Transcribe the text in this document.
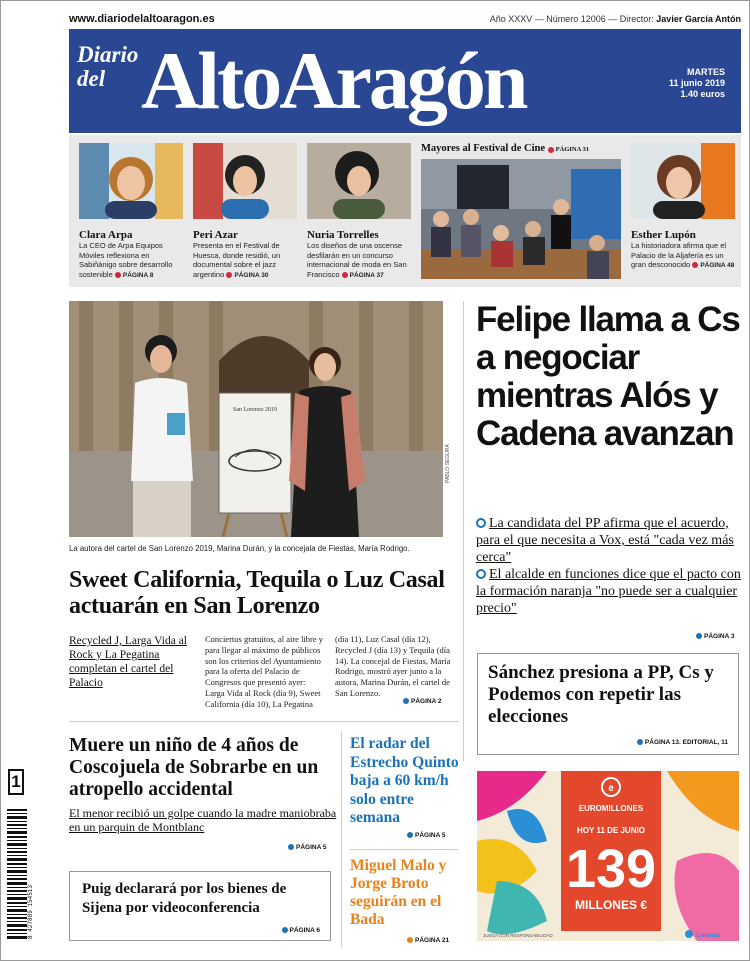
www.diariodelaltoaragon.es	Año XXXV — Número 12006 — Director: Javier García Antón
Diario
del AltoAragón	MARTES
11 junio 2019
1.40 euros
Clara Arpa
La CEO de Arpa Equipos Móviles reflexiona en Sabiñánigo sobre desarrollo sostenible PÁGINA 8
Peri Azar
Presenta en el Festival de Huesca, donde residió, un documental sobre el jazz argentino PÁGINA 30
Nuria Torrelles
Los diseños de una oscense desfilarán en un concurso internacional de moda en San Francisco PÁGINA 37
Mayores al Festival de Cine PÁGINA 31
Esther Lupón
La historiadora afirma que el Palacio de la Aljafería es un gran desconocido PÁGINA 48
San Lorenzo 2019
PABLO SEGURA
La autora del cartel de San Lorenzo 2019, Marina Durán, y la concejala de Fiestas, María Rodrigo.
Sweet California, Tequila o Luz Casal actuarán en San Lorenzo
Recycled J, Larga Vida al Rock y La Pegatina completan el cartel del Palacio
Conciertos gratuitos, al aire libre y para llegar al máximo de públicos son los criterios del Ayuntamiento para la oferta del Palacio de Congresos que presentó ayer: Larga Vida al Rock (día 9), Sweet California (día 10), La Pegatina (día 11), Luz Casal (día 12), Recycled J (día 13) y Tequila (día 14). La concejal de Fiestas, María Rodrigo, mostró ayer junto a la autora, Marina Durán, el cartel de San Lorenzo.
PÁGINA 2
Felipe llama a Cs a negociar mientras Alós y Cadena avanzan
La candidata del PP afirma que el acuerdo, para el que necesita a Vox, está "cada vez más cerca"
El alcalde en funciones dice que el pacto con la formación naranja "no puede ser a cualquier precio"
PÁGINA 3
Sánchez presiona a PP, Cs y Podemos con repetir las elecciones
PÁGINA 13. EDITORIAL, 11
e
EUROMILLONES
HOY 11 DE JUNIO
139
MILLONES €
JUEGA CON RESPONSABILIDAD	Loterías
Muere un niño de 4 años de Coscojuela de Sobrarbe en un atropello accidental
El menor recibió un golpe cuando la madre maniobraba en un parquin de Montblanc
PÁGINA 5
El radar del Estrecho Quinto baja a 60 km/h solo entre semana
PÁGINA 5
Miguel Malo y Jorge Broto seguirán en el Bada
PÁGINA 21
Puig declarará por los bienes de Sijena por videoconferencia
PÁGINA 6
1
8 427889 154513
